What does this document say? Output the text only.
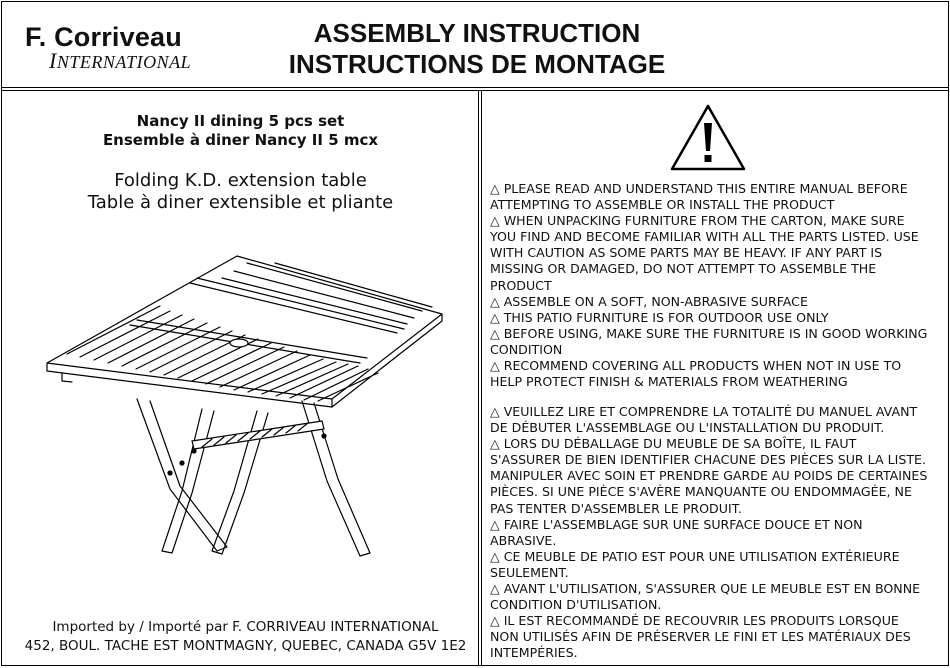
F. Corriveau
INTERNATIONAL
ASSEMBLY INSTRUCTION
INSTRUCTIONS DE MONTAGE
Nancy II dining 5 pcs set
Ensemble à diner Nancy II 5 mcx
Folding K.D. extension table
Table à diner extensible et pliante
Imported by / Importé par F. CORRIVEAU INTERNATIONAL
452, BOUL. TACHE EST MONTMAGNY, QUEBEC, CANADA G5V 1E2

△ PLEASE READ AND UNDERSTAND THIS ENTIRE MANUAL BEFORE ATTEMPTING TO ASSEMBLE OR INSTALL THE PRODUCT

△ WHEN UNPACKING FURNITURE FROM THE CARTON, MAKE SURE YOU FIND AND BECOME FAMILIAR WITH ALL THE PARTS LISTED. USE WITH CAUTION AS SOME PARTS MAY BE HEAVY. IF ANY PART IS MISSING OR DAMAGED, DO NOT ATTEMPT TO ASSEMBLE THE PRODUCT

△ ASSEMBLE ON A SOFT, NON-ABRASIVE SURFACE

△ THIS PATIO FURNITURE IS FOR OUTDOOR USE ONLY

△ BEFORE USING, MAKE SURE THE FURNITURE IS IN GOOD WORKING CONDITION

△ RECOMMEND COVERING ALL PRODUCTS WHEN NOT IN USE TO HELP PROTECT FINISH & MATERIALS FROM WEATHERING

△ VEUILLEZ LIRE ET COMPRENDRE LA TOTALITÉ DU MANUEL AVANT DE DÉBUTER L'ASSEMBLAGE OU L'INSTALLATION DU PRODUIT.

△ LORS DU DÉBALLAGE DU MEUBLE DE SA BOÎTE, IL FAUT S'ASSURER DE BIEN IDENTIFIER CHACUNE DES PIÈCES SUR LA LISTE. MANIPULER AVEC SOIN ET PRENDRE GARDE AU POIDS DE CERTAINES PIÈCES. SI UNE PIÈCE S'AVÈRE MANQUANTE OU ENDOMMAGÉE, NE PAS TENTER D'ASSEMBLER LE PRODUIT.

△ FAIRE L'ASSEMBLAGE SUR UNE SURFACE DOUCE ET NON ABRASIVE.

△ CE MEUBLE DE PATIO EST POUR UNE UTILISATION EXTÉRIEURE SEULEMENT.

△ AVANT L'UTILISATION, S'ASSURER QUE LE MEUBLE EST EN BONNE CONDITION D'UTILISATION.

△ IL EST RECOMMANDÉ DE RECOUVRIR LES PRODUITS LORSQUE NON UTILISÉS AFIN DE PRÉSERVER LE FINI ET LES MATÉRIAUX DES INTEMPÉRIES.
